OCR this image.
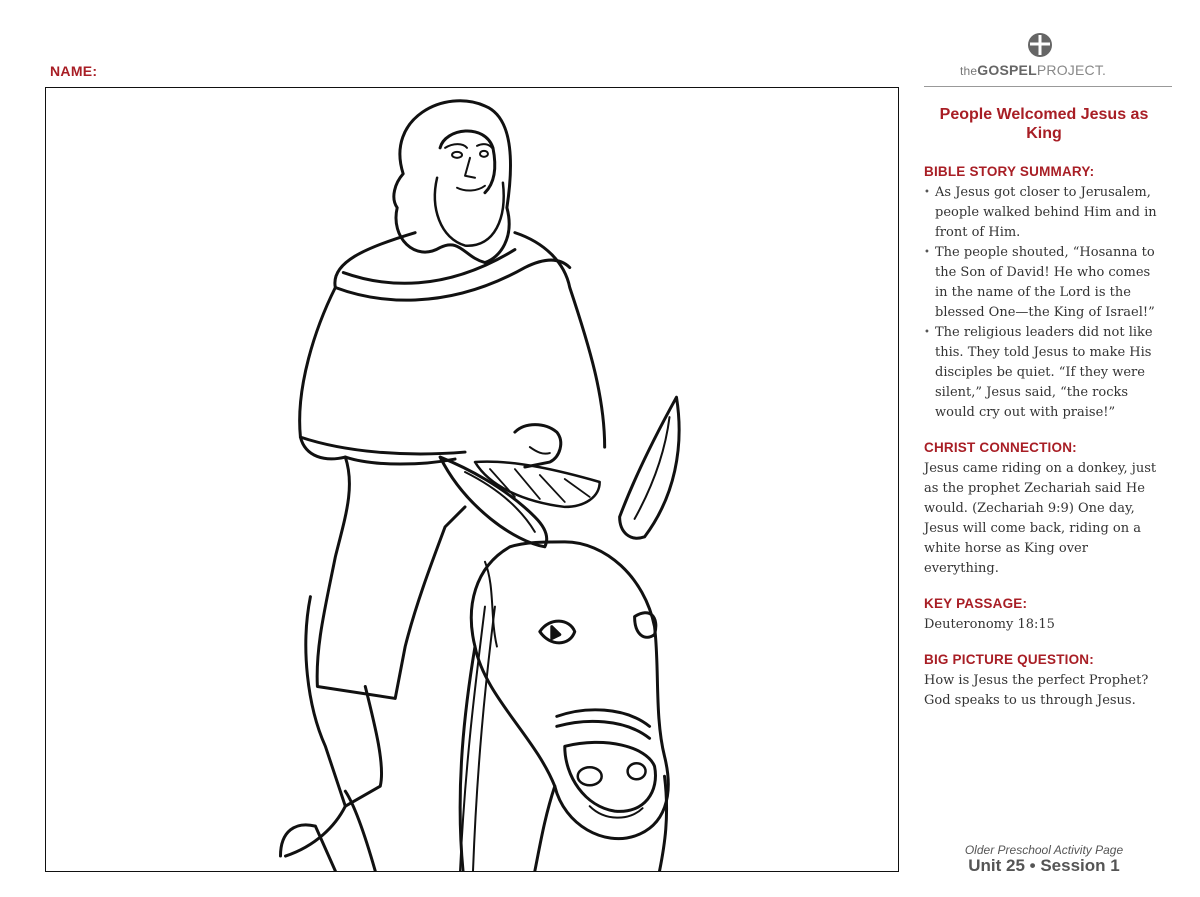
NAME:	theGOSPELPROJECT.
People Welcomed Jesus as King
BIBLE STORY SUMMARY:
• As Jesus got closer to Jerusalem, people walked behind Him and in front of Him.
• The people shouted, “Hosanna to the Son of David! He who comes in the name of the Lord is the blessed One—the King of Israel!”
• The religious leaders did not like this. They told Jesus to make His disciples be quiet. “If they were silent,” Jesus said, “the rocks would cry out with praise!”
CHRIST CONNECTION:
Jesus came riding on a donkey, just as the prophet Zechariah said He would. (Zechariah 9:9) One day, Jesus will come back, riding on a white horse as King over everything.
KEY PASSAGE:
Deuteronomy 18:15
BIG PICTURE QUESTION:
How is Jesus the perfect Prophet? God speaks to us through Jesus.
Older Preschool Activity Page
Unit 25 • Session 1
